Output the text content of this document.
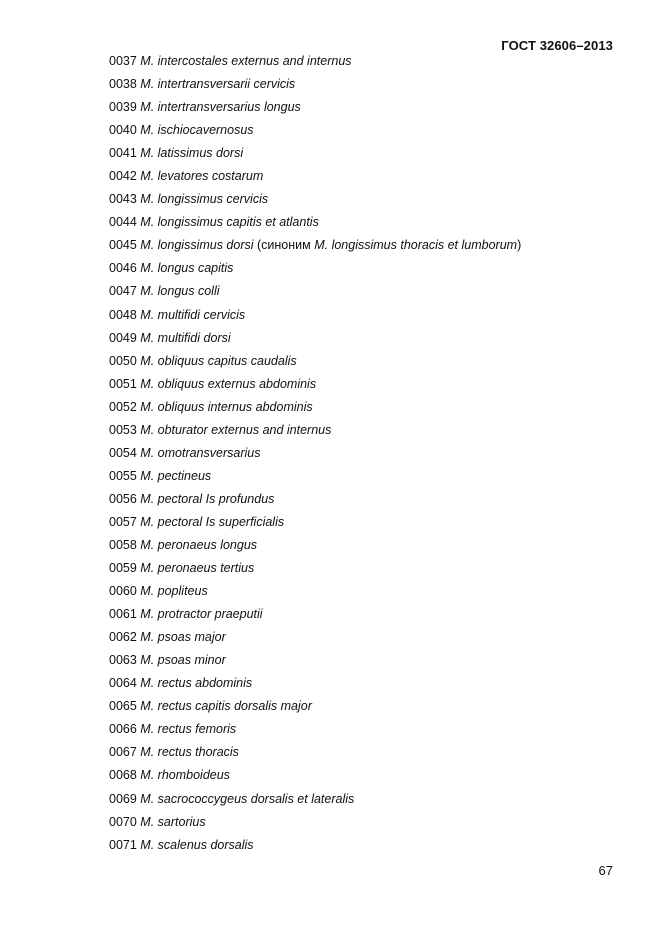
ГОСТ 32606–2013
0037 M. intercostales externus and internus
0038 M. intertransversarii cervicis
0039 M. intertransversarius longus
0040 M. ischiocavernosus
0041 M. latissimus dorsi
0042 M. levatores costarum
0043 M. longissimus cervicis
0044 M. longissimus capitis et atlantis
0045 M. longissimus dorsi (синоним M. longissimus thoracis et lumborum)
0046 M. longus capitis
0047 M. longus colli
0048 M. multifidi cervicis
0049 M. multifidi dorsi
0050 M. obliquus capitus caudalis
0051 M. obliquus externus abdominis
0052 M. obliquus internus abdominis
0053 M. obturator externus and internus
0054 M. omotransversarius
0055 M. pectineus
0056 M. pectoral Is profundus
0057 M. pectoral Is superficialis
0058 M. peronaeus longus
0059 M. peronaeus tertius
0060 M. popliteus
0061 M. protractor praeputii
0062 M. psoas major
0063 M. psoas minor
0064 M. rectus abdominis
0065 M. rectus capitis dorsalis major
0066 M. rectus femoris
0067 M. rectus thoracis
0068 M. rhomboideus
0069 M. sacrococcygeus dorsalis et lateralis
0070 M. sartorius
0071 M. scalenus dorsalis
67
